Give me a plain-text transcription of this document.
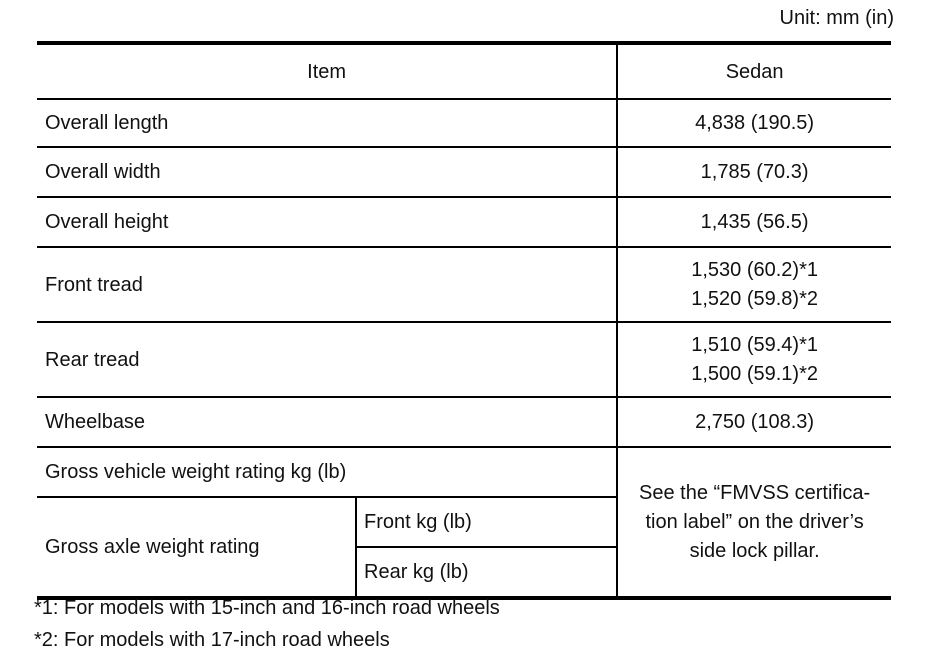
Unit: mm (in)
Item		Sedan
Overall length		4,838 (190.5)
Overall width		1,785 (70.3)
Overall height		1,435 (56.5)
Front tread		1,530 (60.2)*1
1,520 (59.8)*2

Rear tread		1,510 (59.4)*1
1,500 (59.1)*2

Wheelbase		2,750 (108.3)
Gross vehicle weight rating kg (lb)		See the “FMVSS certifica-
tion label” on the driver’s
side lock pillar.

Gross axle weight rating	Front kg (lb)	
	Rear kg (lb)	
*1: For models with 15-inch and 16-inch road wheels
*2: For models with 17-inch road wheels
